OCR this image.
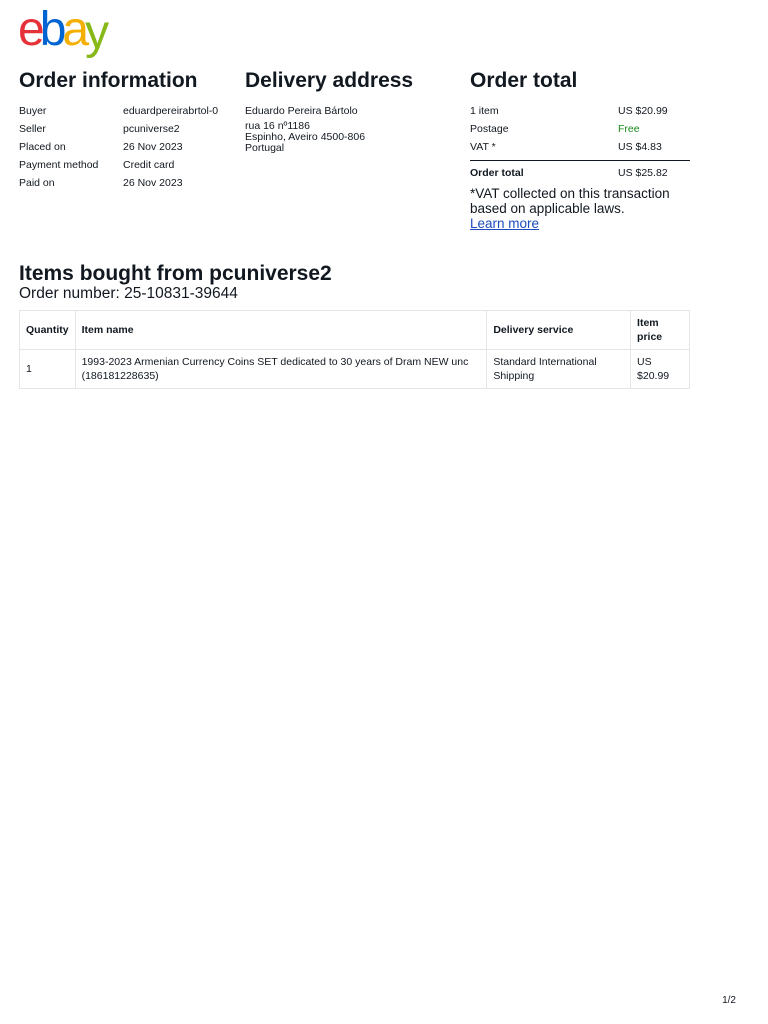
ebay
Order information
Buyer	eduardpereirabrtol-0
Seller	pcuniverse2
Placed on	26 Nov 2023
Payment method	Credit card
Paid on	26 Nov 2023
Delivery address
Eduardo Pereira Bártolo
rua 16 nº1186
Espinho, Aveiro 4500-806
Portugal
Order total
1 item	US $20.99
Postage	Free
VAT *	US $4.83
Order total	US $25.82
*VAT collected on this transaction based on applicable laws.
Learn more
Items bought from pcuniverse2
Order number: 25-10831-39644
Quantity	Item name	Delivery service	Item price
1	1993-2023 Armenian Currency Coins SET dedicated to 30 years of Dram NEW unc (186181228635)	Standard International Shipping	US $20.99
1/2
